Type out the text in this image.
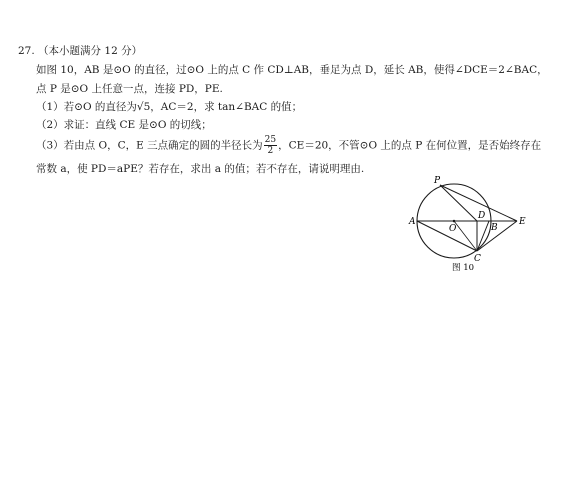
27. （本小题满分 12 分）
如图 10，AB 是⊙O 的直径，过⊙O 上的点 C 作 CD⊥AB，垂足为点 D，延长 AB，使得∠DCE＝2∠BAC，
点 P 是⊙O 上任意一点，连接 PD，PE.
（1）若⊙O 的直径为√5，AC＝2，求 tan∠BAC 的值；
（2）求证：直线 CE 是⊙O 的切线；
（3）若由点 O，C，E 三点确定的圆的半径长为 $\frac{25}{2}$ ，CE＝20，不管⊙O 上的点 P 在何位置，是否始终存在
常数 a，使 PD＝aPE？若存在，求出 a 的值；若不存在，请说明理由.
P
A
O
D
B
E
C
图 10
